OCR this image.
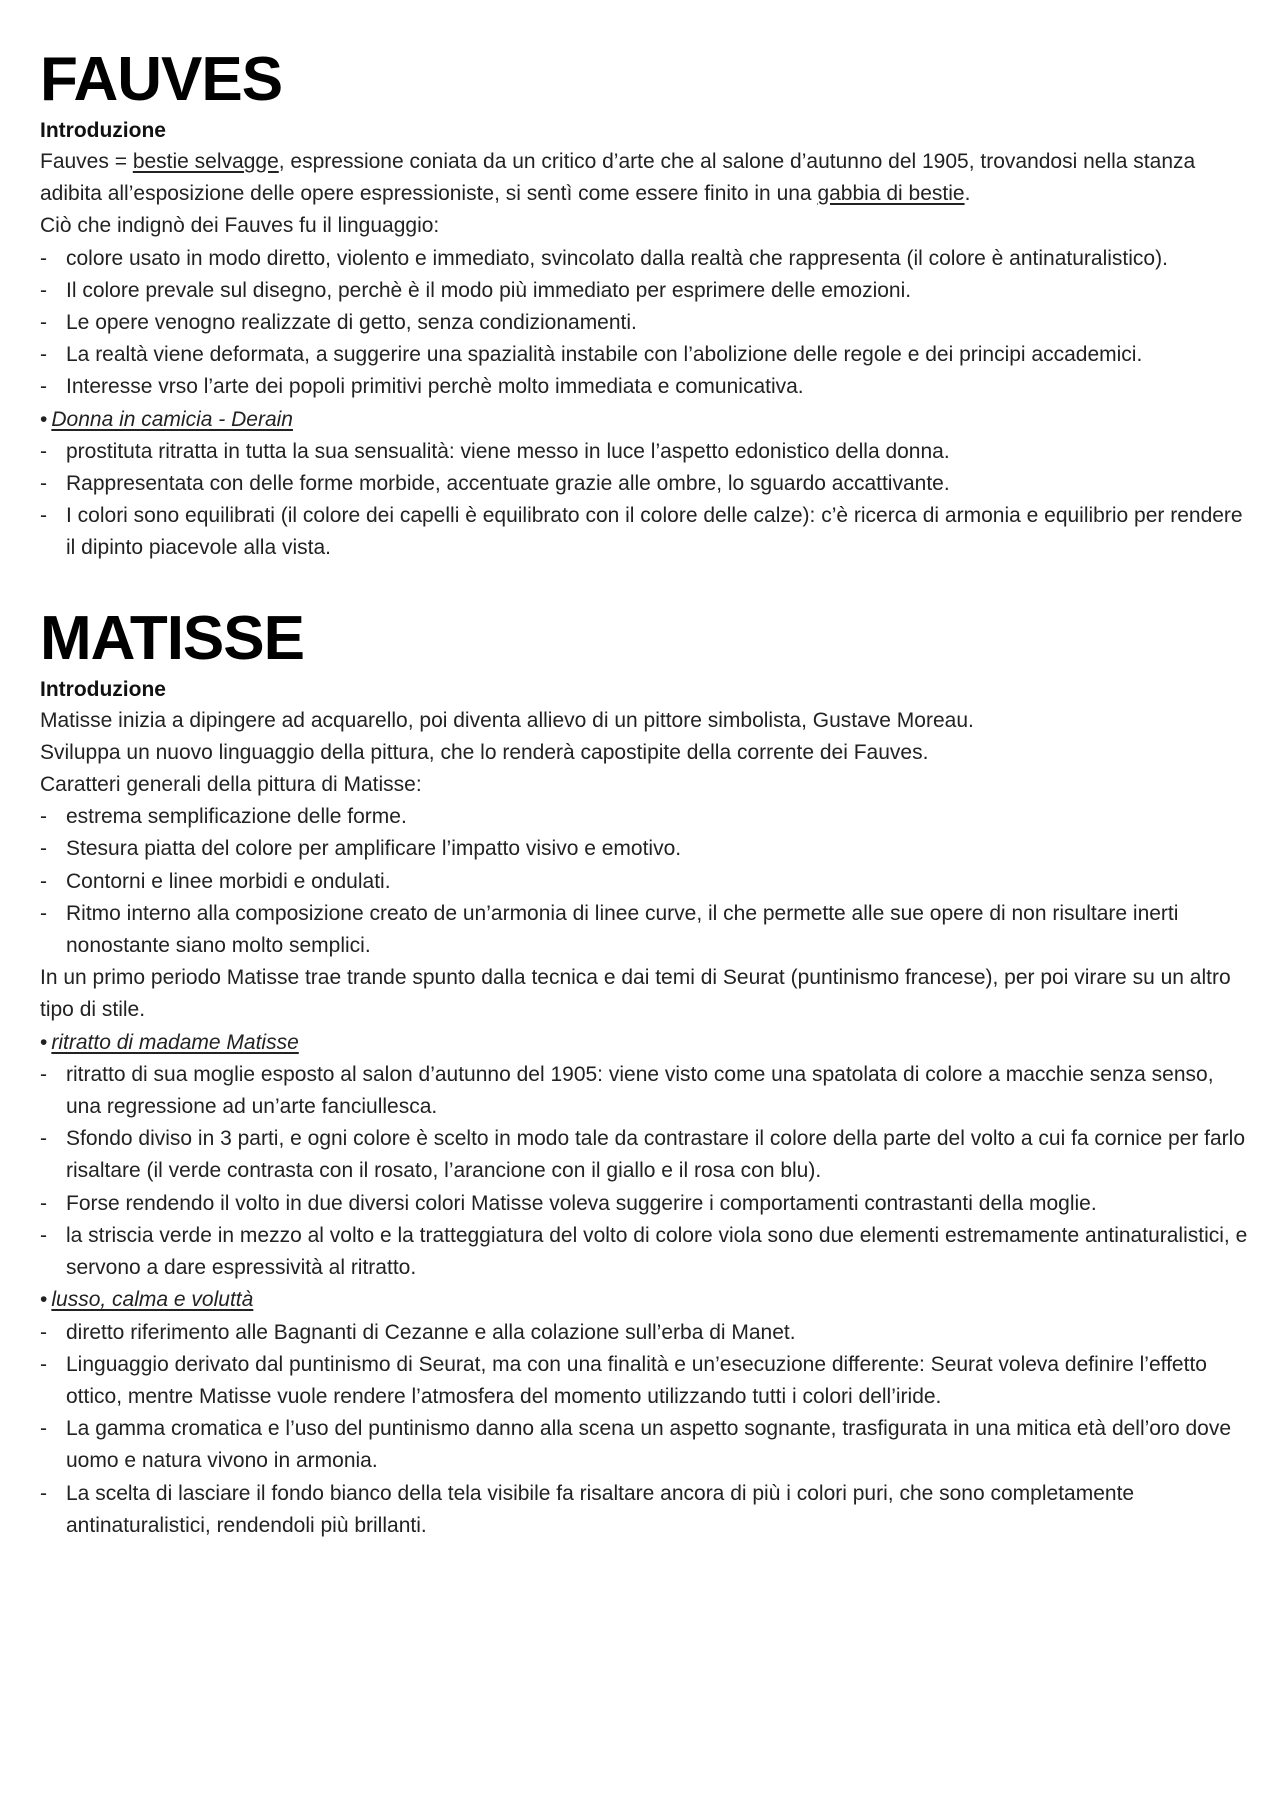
FAUVES
Introduzione

Fauves = bestie selvagge, espressione coniata da un critico d’arte che al salone d’autunno del 1905, trovandosi nella stanza adibita all’esposizione delle opere espressioniste, si sentì come essere finito in una gabbia di bestie.

Ciò che indignò dei Fauves fu il linguaggio:

- colore usato in modo diretto, violento e immediato, svincolato dalla realtà che rappresenta (il colore è antinaturalistico).
- Il colore prevale sul disegno, perchè è il modo più immediato per esprimere delle emozioni.
- Le opere venogno realizzate di getto, senza condizionamenti.
- La realtà viene deformata, a suggerire una spazialità instabile con l’abolizione delle regole e dei principi accademici.
- Interesse vrso l’arte dei popoli primitivi perchè molto immediata e comunicativa.

• Donna in camicia - Derain

- prostituta ritratta in tutta la sua sensualità: viene messo in luce l’aspetto edonistico della donna.
- Rappresentata con delle forme morbide, accentuate grazie alle ombre, lo sguardo accattivante.
- I colori sono equilibrati (il colore dei capelli è equilibrato con il colore delle calze): c’è ricerca di armonia e equilibrio per rendere il dipinto piacevole alla vista.
MATISSE
Introduzione

Matisse inizia a dipingere ad acquarello, poi diventa allievo di un pittore simbolista, Gustave Moreau.

Sviluppa un nuovo linguaggio della pittura, che lo renderà capostipite della corrente dei Fauves.

Caratteri generali della pittura di Matisse:

- estrema semplificazione delle forme.
- Stesura piatta del colore per amplificare l’impatto visivo e emotivo.
- Contorni e linee morbidi e ondulati.
- Ritmo interno alla composizione creato de un’armonia di linee curve, il che permette alle sue opere di non risultare inerti nonostante siano molto semplici.

In un primo periodo Matisse trae trande spunto dalla tecnica e dai temi di Seurat (puntinismo francese), per poi virare su un altro tipo di stile.

• ritratto di madame Matisse

- ritratto di sua moglie esposto al salon d’autunno del 1905: viene visto come una spatolata di colore a macchie senza senso, una regressione ad un’arte fanciullesca.
- Sfondo diviso in 3 parti, e ogni colore è scelto in modo tale da contrastare il colore della parte del volto a cui fa cornice per farlo risaltare (il verde contrasta con il rosato, l’arancione con il giallo e il rosa con blu).
- Forse rendendo il volto in due diversi colori Matisse voleva suggerire i comportamenti contrastanti della moglie.
- la striscia verde in mezzo al volto e la tratteggiatura del volto di colore viola sono due elementi estremamente antinaturalistici, e servono a dare espressività al ritratto.

• lusso, calma e voluttà

- diretto riferimento alle Bagnanti di Cezanne e alla colazione sull’erba di Manet.
- Linguaggio derivato dal puntinismo di Seurat, ma con una finalità e un’esecuzione differente: Seurat voleva definire l’effetto ottico, mentre Matisse vuole rendere l’atmosfera del momento utilizzando tutti i colori dell’iride.
- La gamma cromatica e l’uso del puntinismo danno alla scena un aspetto sognante, trasfigurata in una mitica età dell’oro dove uomo e natura vivono in armonia.
- La scelta di lasciare il fondo bianco della tela visibile fa risaltare ancora di più i colori puri, che sono completamente antinaturalistici, rendendoli più brillanti.
